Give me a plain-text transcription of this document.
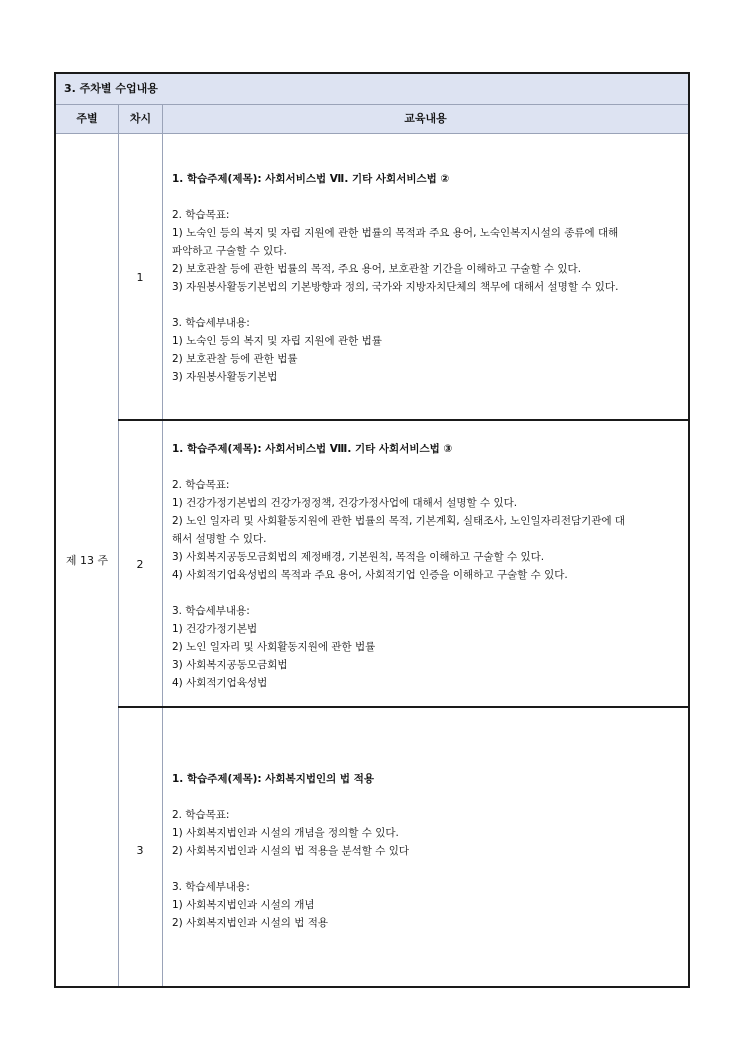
3. 주차별 수업내용
주별	차시	교육내용
제 13 주
1

1. 학습주제(제목): 사회서비스법 Ⅶ. 기타 사회서비스법 ②

2. 학습목표:

1) 노숙인 등의 복지 및 자립 지원에 관한 법률의 목적과 주요 용어, 노숙인복지시설의 종류에 대해

파악하고 구술할 수 있다.

2) 보호관찰 등에 관한 법률의 목적, 주요 용어, 보호관찰 기간을 이해하고 구술할 수 있다.

3) 자원봉사활동기본법의 기본방향과 정의, 국가와 지방자치단체의 책무에 대해서 설명할 수 있다.

3. 학습세부내용:

1) 노숙인 등의 복지 및 자립 지원에 관한 법률

2) 보호관찰 등에 관한 법률

3) 자원봉사활동기본법

2

1. 학습주제(제목): 사회서비스법 Ⅷ. 기타 사회서비스법 ③

2. 학습목표:

1) 건강가정기본법의 건강가정정책, 건강가정사업에 대해서 설명할 수 있다.

2) 노인 일자리 및 사회활동지원에 관한 법률의 목적, 기본계획, 실태조사, 노인일자리전담기관에 대

해서 설명할 수 있다.

3) 사회복지공동모금회법의 제정배경, 기본원칙, 목적을 이해하고 구술할 수 있다.

4) 사회적기업육성법의 목적과 주요 용어, 사회적기업 인증을 이해하고 구술할 수 있다.

3. 학습세부내용:

1) 건강가정기본법

2) 노인 일자리 및 사회활동지원에 관한 법률

3) 사회복지공동모금회법

4) 사회적기업육성법

3

1. 학습주제(제목): 사회복지법인의 법 적용

2. 학습목표:

1) 사회복지법인과 시설의 개념을 정의할 수 있다.

2) 사회복지법인과 시설의 법 적용을 분석할 수 있다

3. 학습세부내용:

1) 사회복지법인과 시설의 개념

2) 사회복지법인과 시설의 법 적용
